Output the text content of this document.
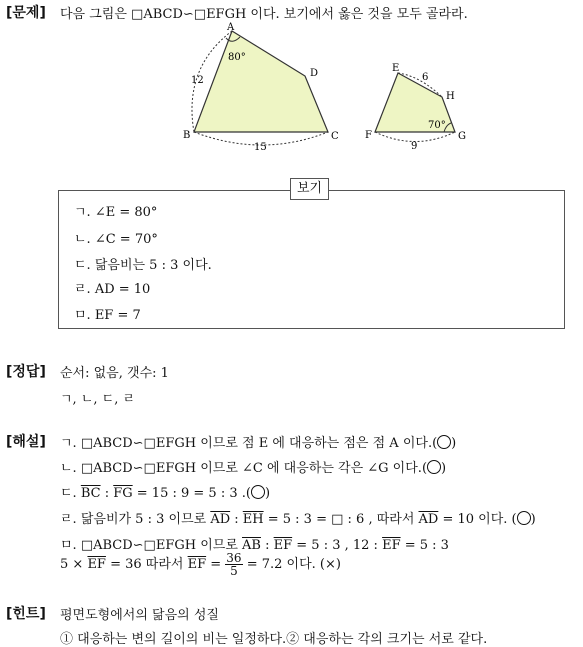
[문제] 다음 그림은 □ABCD∽□EFGH 이다. 보기에서 옳은 것을 모두 골라라.
A
B	C
D
80°
12
15
E
F	G
H
70°
6
9
보기
ㄱ. ∠E = 80°
ㄴ. ∠C = 70°
ㄷ. 닮음비는 5 : 3 이다.
ㄹ. AD = 10
ㅁ. EF = 7
[정답] 순서: 없음, 갯수: 1
ㄱ, ㄴ, ㄷ, ㄹ
[해설] ㄱ. □ABCD∽□EFGH 이므로 점 E 에 대응하는 점은 점 A 이다.( )
ㄴ. □ABCD∽□EFGH 이므로 ∠C 에 대응하는 각은 ∠G 이다.( )
ㄷ. $\overline{BC}$ : $\overline{FG} = 15$ : 9 = 5 : 3 .( )
ㄹ. 닮음비가 5 : 3 이므로 $\overline{AD}$ : $\overline{EH} = 5$ : 3 = □ : 6 , 따라서 $\overline{AD} = 10$ 이다. ( )
ㅁ. □ABCD∽□EFGH 이므로 $\overline{AB}$ : $\overline{EF} = 5$ : 3 , 12 : $\overline{EF} = 5$ : 3
$5 \times \overline{EF} = 36$ 따라서 $\overline{EF} = \frac{36}{5} = 7.2$ 이다. (×)
[힌트] 평면도형에서의 닮음의 성질
① 대응하는 변의 길이의 비는 일정하다.② 대응하는 각의 크기는 서로 같다.
